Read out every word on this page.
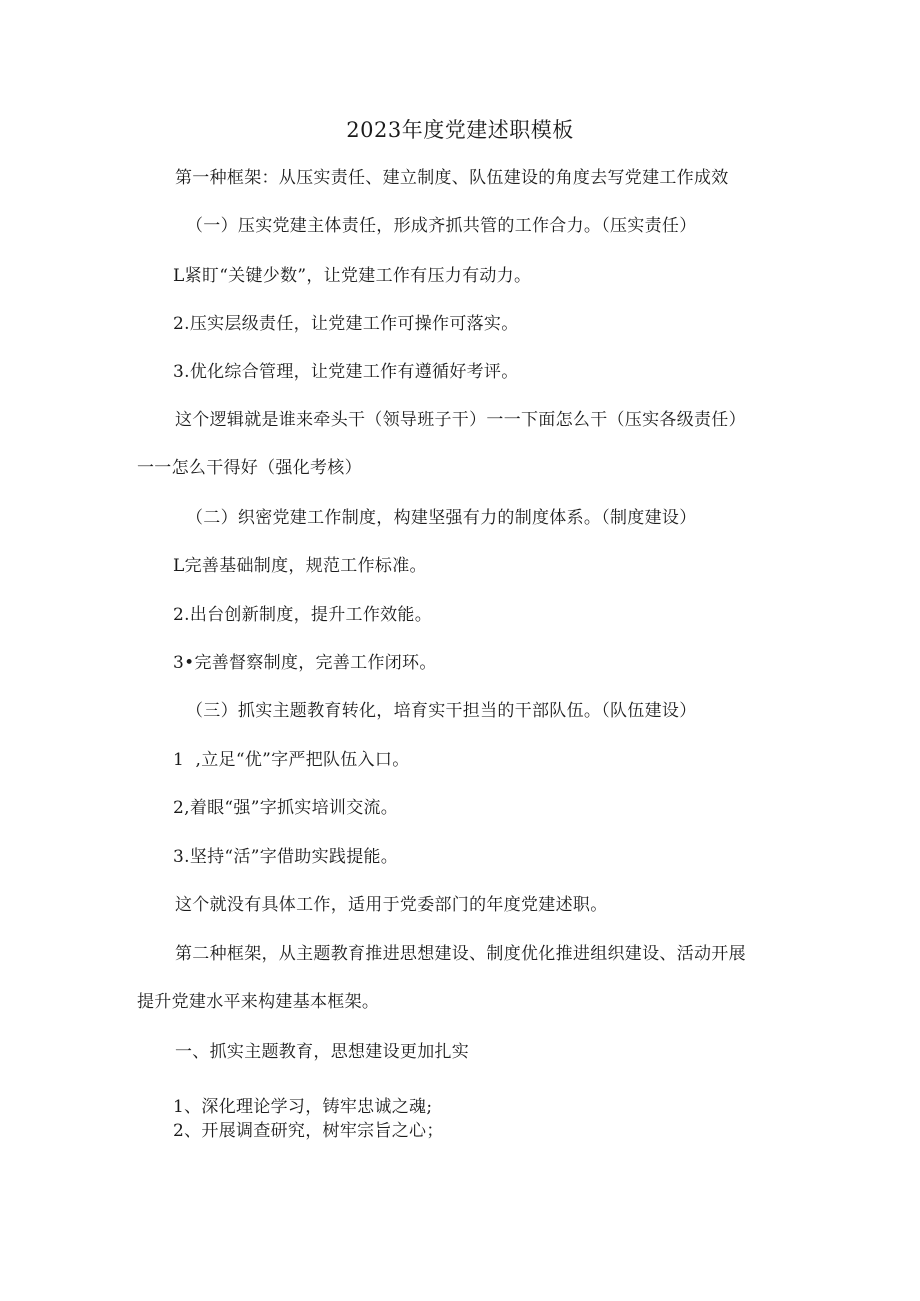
2023年度党建述职模板
第一种框架：从压实责任、建立制度、队伍建设的角度去写党建工作成效
（一）压实党建主体责任，形成齐抓共管的工作合力。（压实责任）
L紧盯“关键少数”，让党建工作有压力有动力。
2.压实层级责任，让党建工作可操作可落实。
3.优化综合管理，让党建工作有遵循好考评。
这个逻辑就是谁来牵头干（领导班子干）一一下面怎么干（压实各级责任）
一一怎么干得好（强化考核）
（二）织密党建工作制度，构建坚强有力的制度体系。（制度建设）
L完善基础制度，规范工作标准。
2.出台创新制度，提升工作效能。
3•完善督察制度，完善工作闭环。
（三）抓实主题教育转化，培育实干担当的干部队伍。（队伍建设）
1  ,立足“优”字严把队伍入口。
2,着眼“强”字抓实培训交流。
3.坚持“活”字借助实践提能。
这个就没有具体工作，适用于党委部门的年度党建述职。
第二种框架，从主题教育推进思想建设、制度优化推进组织建设、活动开展
提升党建水平来构建基本框架。
一、抓实主题教育，思想建设更加扎实
1、深化理论学习，铸牢忠诚之魂;
2、开展调查研究，树牢宗旨之心；
